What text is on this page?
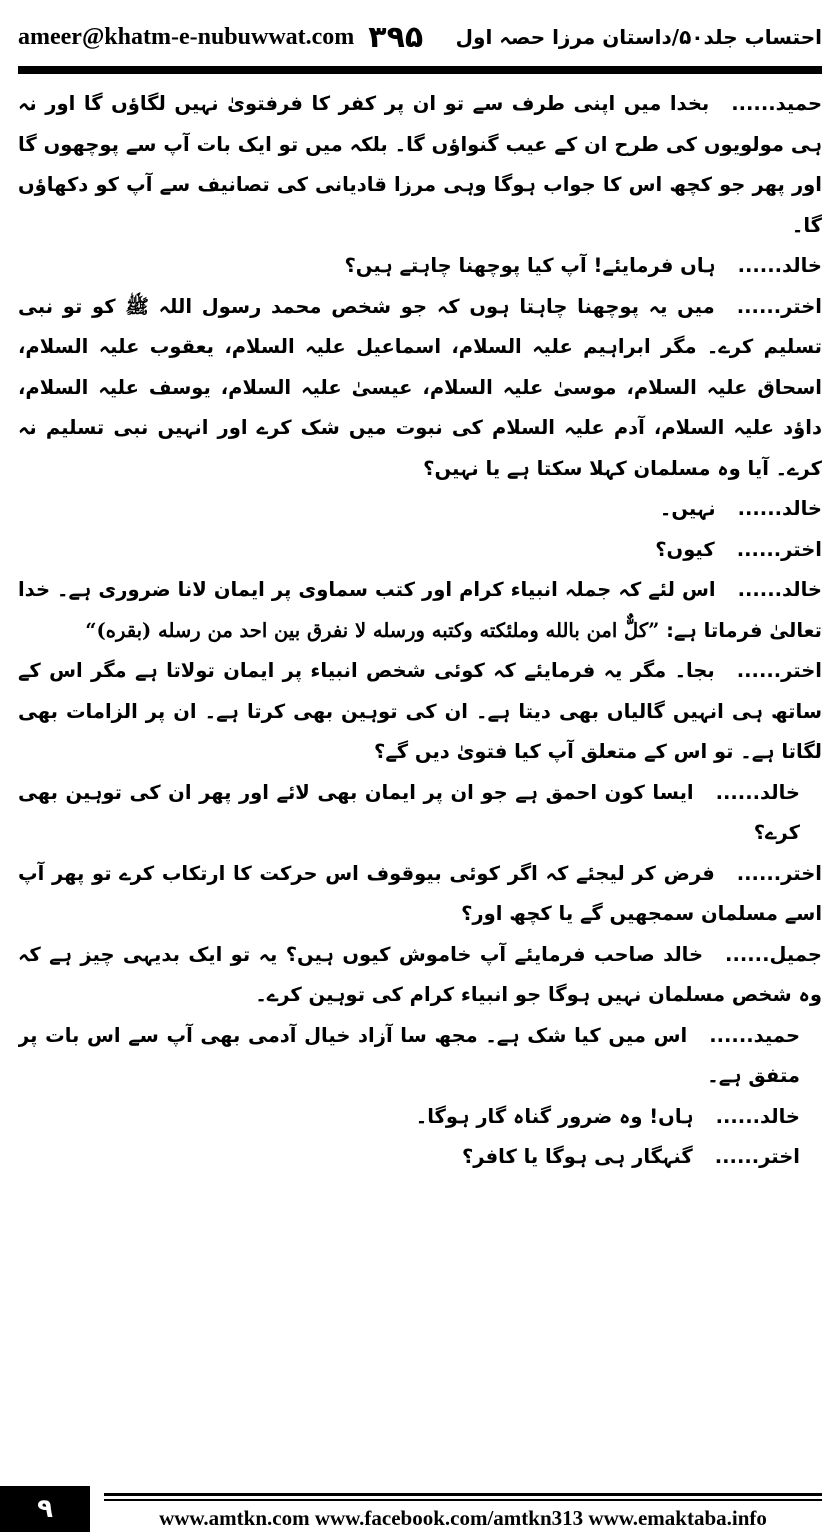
ameer@khatm-e-nubuwwat.com ۳۹۵ احتساب جلد۵۰/داستان مرزا حصہ اول

حمید......بخدا میں اپنی طرف سے تو ان پر کفر کا فرفتویٰ نہیں لگاؤں گا اور نہ ہی مولویوں کی طرح ان کے عیب گنواؤں گا۔ بلکہ میں تو ایک بات آپ سے پوچھوں گا اور پھر جو کچھ اس کا جواب ہوگا وہی مرزا قادیانی کی تصانیف سے آپ کو دکھاؤں گا۔

خالد......ہاں فرمایئے! آپ کیا پوچھنا چاہتے ہیں؟

اختر......میں یہ پوچھنا چاہتا ہوں کہ جو شخص محمد رسول اللہ ﷺ کو تو نبی تسلیم کرے۔ مگر ابراہیم علیہ السلام، اسماعیل علیہ السلام، یعقوب علیہ السلام، اسحاق علیہ السلام، موسیٰ علیہ السلام، عیسیٰ علیہ السلام، یوسف علیہ السلام، داؤد علیہ السلام، آدم علیہ السلام کی نبوت میں شک کرے اور انہیں نبی تسلیم نہ کرے۔ آیا وہ مسلمان کہلا سکتا ہے یا نہیں؟

خالد......نہیں۔

اختر......کیوں؟

خالد......اس لئے کہ جملہ انبیاء کرام اور کتب سماوی پر ایمان لانا ضروری ہے۔ خدا تعالیٰ فرماتا ہے: ”كلٌّ امن بالله وملئكته وكتبه ورسله لا نفرق بين احد من رسله (بقره)“

اختر......بجا۔ مگر یہ فرمایئے کہ کوئی شخص انبیاء پر ایمان تولاتا ہے مگر اس کے ساتھ ہی انہیں گالیاں بھی دیتا ہے۔ ان کی توہین بھی کرتا ہے۔ ان پر الزامات بھی لگاتا ہے۔ تو اس کے متعلق آپ کیا فتویٰ دیں گے؟

خالد......ایسا کون احمق ہے جو ان پر ایمان بھی لائے اور پھر ان کی توہین بھی کرے؟

اختر......فرض کر لیجئے کہ اگر کوئی بیوقوف اس حرکت کا ارتکاب کرے تو پھر آپ اسے مسلمان سمجھیں گے یا کچھ اور؟

جمیل......خالد صاحب فرمایئے آپ خاموش کیوں ہیں؟ یہ تو ایک بدیہی چیز ہے کہ وہ شخص مسلمان نہیں ہوگا جو انبیاء کرام کی توہین کرے۔

حمید......اس میں کیا شک ہے۔ مجھ سا آزاد خیال آدمی بھی آپ سے اس بات پر متفق ہے۔

خالد......ہاں! وہ ضرور گناہ گار ہوگا۔

اختر......گنہگار ہی ہوگا یا کافر؟

۹	www.amtkn.com www.facebook.com/amtkn313 www.emaktaba.info
